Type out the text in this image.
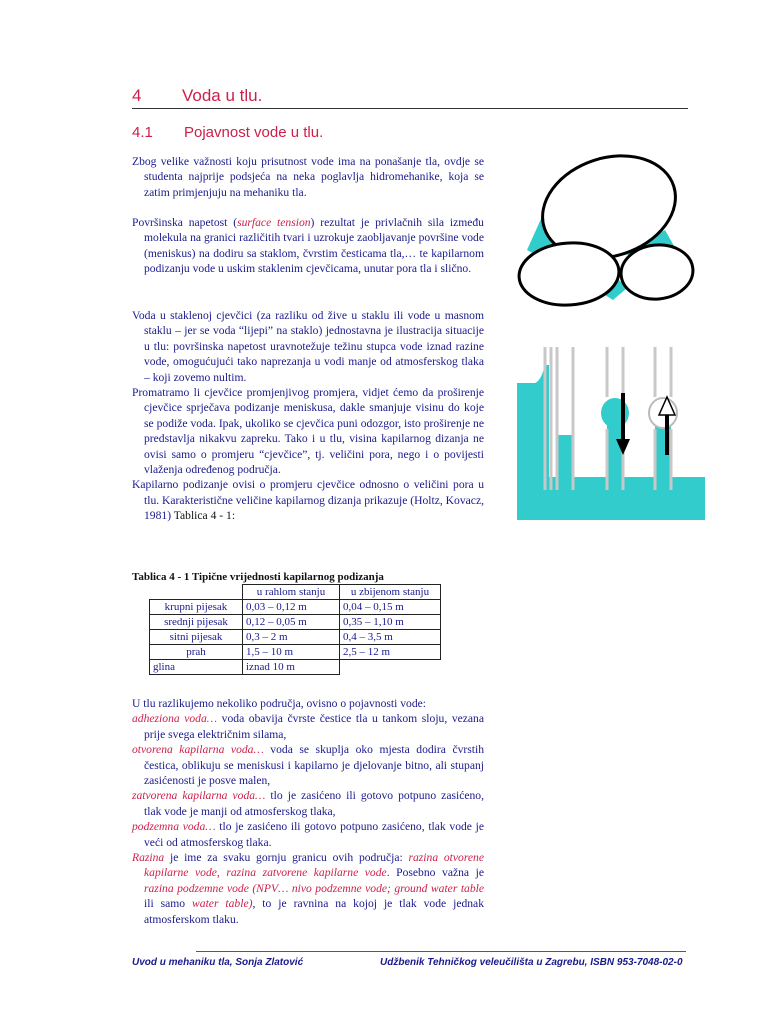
4 Voda u tlu.
4.1 Pojavnost vode u tlu.

Zbog velike važnosti koju prisutnost vode ima na ponašanje tla, ovdje se studenta najprije podsjeća na neka poglavlja hidromehanike, koja se zatim primjenjuju na mehaniku tla.

Površinska napetost (surface tension) rezultat je privlačnih sila između molekula na granici različitih tvari i uzrokuje zaobljavanje površine vode (meniskus) na dodiru sa staklom, čvrstim česticama tla,… te kapilarnom podizanju vode u uskim staklenim cjevčicama, unutar pora tla i slično.

Voda u staklenoj cjevčici (za razliku od žive u staklu ili vode u masnom staklu – jer se voda “lijepi” na staklo) jednostavna je ilustracija situacije u tlu: površinska napetost uravnotežuje težinu stupca vode iznad razine vode, omogućujući tako naprezanja u vodi manje od atmosferskog tlaka – koji zovemo nultim.

Promatramo li cjevčice promjenjivog promjera, vidjet ćemo da proširenje cjevčice sprječava podizanje meniskusa, dakle smanjuje visinu do koje se podiže voda. Ipak, ukoliko se cjevčica puni odozgor, isto proširenje ne predstavlja nikakvu zapreku. Tako i u tlu, visina kapilarnog dizanja ne ovisi samo o promjeru “cjevčice”, tj. veličini pora, nego i o povijesti vlaženja određenog područja.

Kapilarno podizanje ovisi o promjeru cjevčice odnosno o veličini pora u tlu. Karakteristične veličine kapilarnog dizanja prikazuje (Holtz, Kovacz, 1981) Tablica 4 - 1:

Tablica 4 - 1 Tipične vrijednosti kapilarnog podizanja
	u rahlom stanju	u zbijenom stanju
krupni pijesak	0,03 – 0,12 m	0,04 – 0,15 m
srednji pijesak	0,12 – 0,05 m	0,35 – 1,10 m
sitni pijesak	0,3 – 2 m	0,4 – 3,5 m
prah	1,5 – 10 m	2,5 – 12 m
glina	iznad 10 m	

U tlu razlikujemo nekoliko područja, ovisno o pojavnosti vode:

adheziona voda… voda obavija čvrste čestice tla u tankom sloju, vezana prije svega električnim silama,

otvorena kapilarna voda… voda se skuplja oko mjesta dodira čvrstih čestica, oblikuju se meniskusi i kapilarno je djelovanje bitno, ali stupanj zasićenosti je posve malen,

zatvorena kapilarna voda… tlo je zasićeno ili gotovo potpuno zasićeno, tlak vode je manji od atmosferskog tlaka,

podzemna voda… tlo je zasićeno ili gotovo potpuno zasićeno, tlak vode je veći od atmosferskog tlaka.

Razina je ime za svaku gornju granicu ovih područja: razina otvorene kapilarne vode, razina zatvorene kapilarne vode. Posebno važna je razina podzemne vode (NPV… nivo podzemne vode; ground water table ili samo water table), to je ravnina na kojoj je tlak vode jednak atmosferskom tlaku.

Uvod u mehaniku tla, Sonja Zlatović	Udžbenik Tehničkog veleučilišta u Zagrebu, ISBN 953-7048-02-0
